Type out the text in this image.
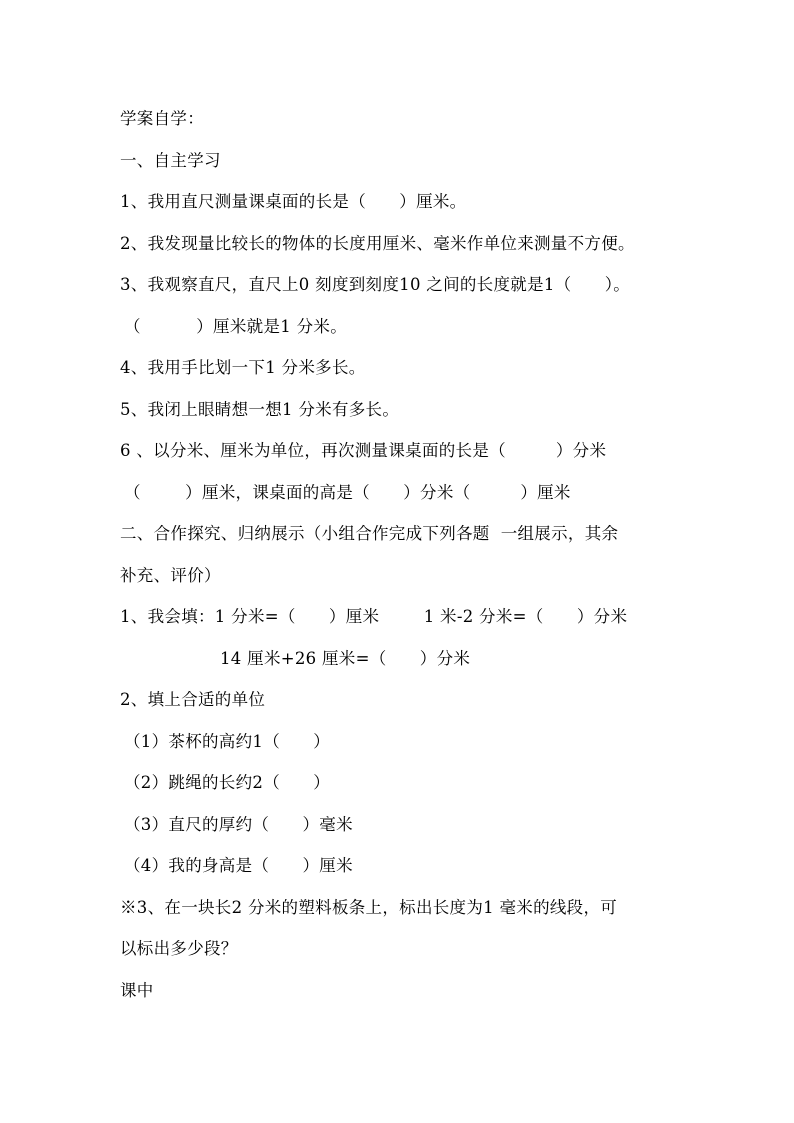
学案自学：
一、自主学习
1、我用直尺测量课桌面的长是（      ）厘米。
2、我发现量比较长的物体的长度用厘米、毫米作单位来测量不方便。
3、我观察直尺，直尺上0 刻度到刻度10 之间的长度就是1（      ）。
（          ）厘米就是1 分米。
4、我用手比划一下1 分米多长。
5、我闭上眼睛想一想1 分米有多长。
6 、以分米、厘米为单位，再次测量课桌面的长是（         ）分米
（        ）厘米，课桌面的高是（      ）分米（         ）厘米
二、合作探究、归纳展示（小组合作完成下列各题  一组展示，其余
补充、评价）
1、我会填：1 分米=（      ）厘米        1 米-2 分米=（      ）分米
14 厘米+26 厘米=（      ）分米
2、填上合适的单位
（1）茶杯的高约1（      ）
（2）跳绳的长约2（      ）
（3）直尺的厚约（      ）毫米
（4）我的身高是（      ）厘米
※3、在一块长2 分米的塑料板条上，标出长度为1 毫米的线段，可
以标出多少段？
课中
